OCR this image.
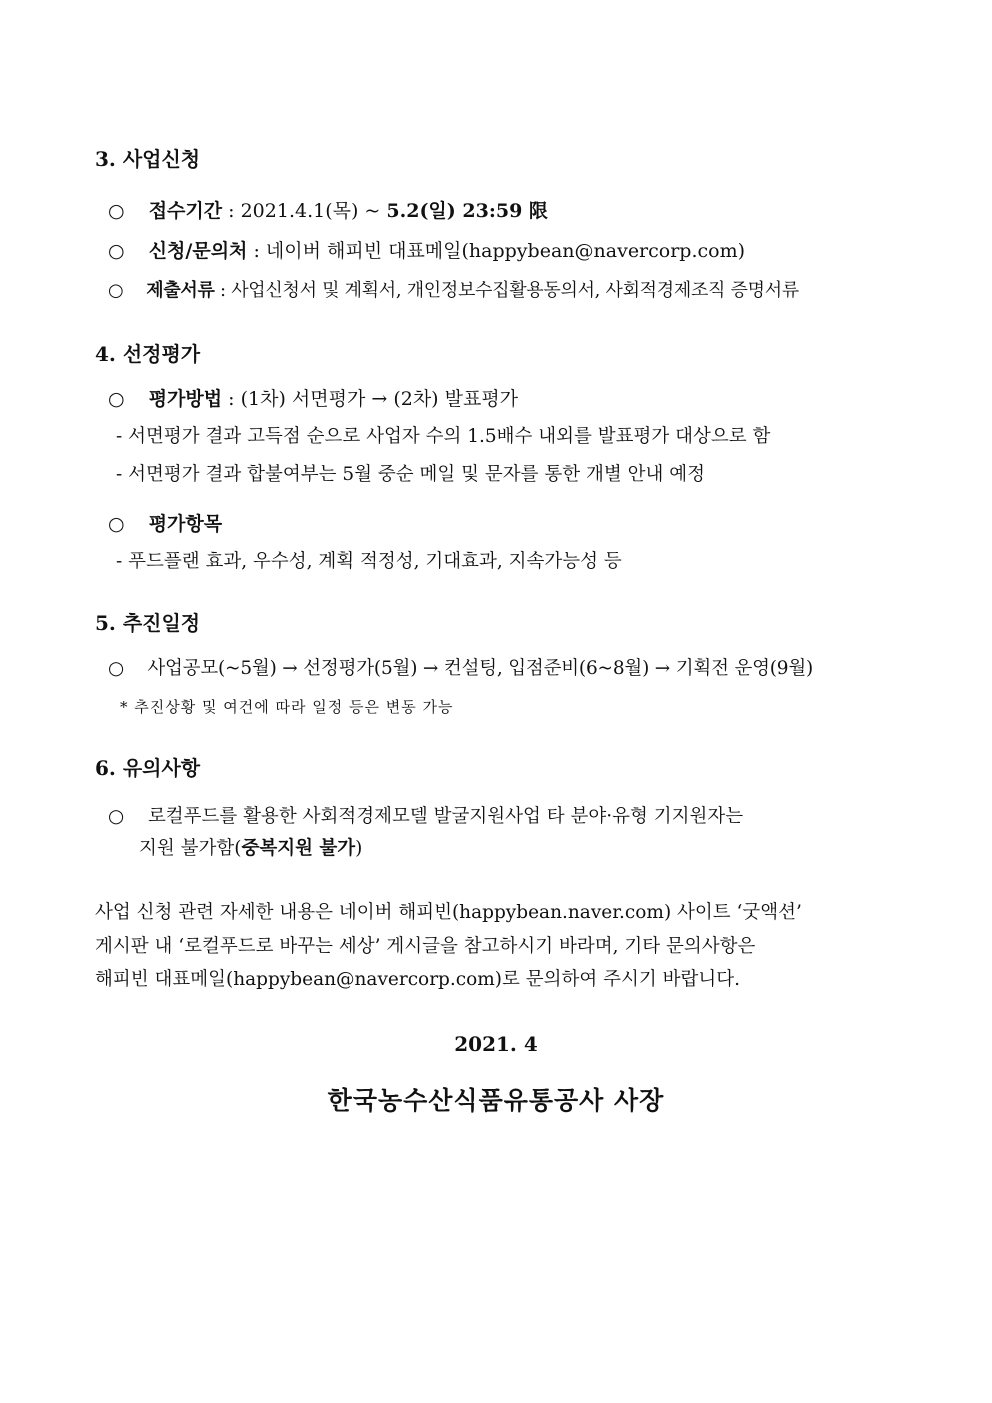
3. 사업신청
○ 접수기간 : 2021.4.1(목) ~ 5.2(일) 23:59 限
○ 신청/문의처 : 네이버 해피빈 대표메일(happybean@navercorp.com)
○ 제출서류 : 사업신청서 및 계획서, 개인정보수집활용동의서, 사회적경제조직 증명서류
4. 선정평가
○ 평가방법 : (1차) 서면평가 → (2차) 발표평가
- 서면평가 결과 고득점 순으로 사업자 수의 1.5배수 내외를 발표평가 대상으로 함
- 서면평가 결과 합불여부는 5월 중순 메일 및 문자를 통한 개별 안내 예정
○ 평가항목
- 푸드플랜 효과, 우수성, 계획 적정성, 기대효과, 지속가능성 등
5. 추진일정
○ 사업공모(~5월) → 선정평가(5월) → 컨설팅, 입점준비(6~8월) → 기획전 운영(9월)
* 추진상황 및 여건에 따라 일정 등은 변동 가능
6. 유의사항
○ 로컬푸드를 활용한 사회적경제모델 발굴지원사업 타 분야·유형 기지원자는
지원 불가함(중복지원 불가)
사업 신청 관련 자세한 내용은 네이버 해피빈(happybean.naver.com) 사이트 ‘굿액션’
게시판 내 ‘로컬푸드로 바꾸는 세상’ 게시글을 참고하시기 바라며, 기타 문의사항은
해피빈 대표메일(happybean@navercorp.com)로 문의하여 주시기 바랍니다.
2021. 4
한국농수산식품유통공사 사장
